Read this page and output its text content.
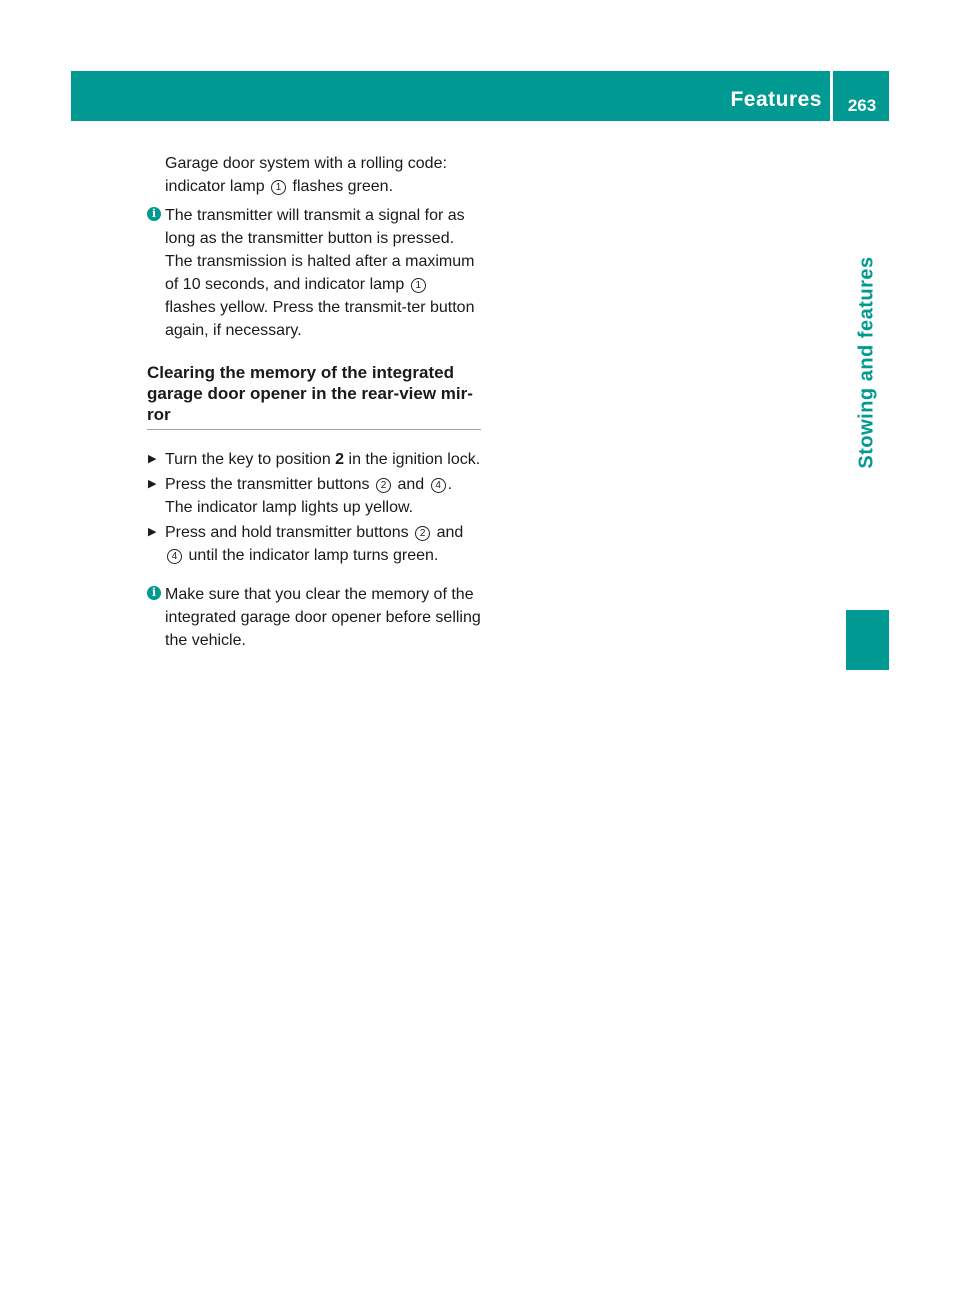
Features	263
Stowing and features
Garage door system with a rolling code: indicator lamp 1 flashes green.
i The transmitter will transmit a signal for as long as the transmitter button is pressed. The transmission is halted after a maximum of 10 seconds, and indicator lamp 1 flashes yellow. Press the transmit-ter button again, if necessary.
Clearing the memory of the integrated garage door opener in the rear-view mir-ror
▶ Turn the key to position 2 in the ignition lock.
▶ Press the transmitter buttons 2 and 4 .
The indicator lamp lights up yellow.
▶ Press and hold transmitter buttons 2 and 4 until the indicator lamp turns green.
i Make sure that you clear the memory of the integrated garage door opener before selling the vehicle.
